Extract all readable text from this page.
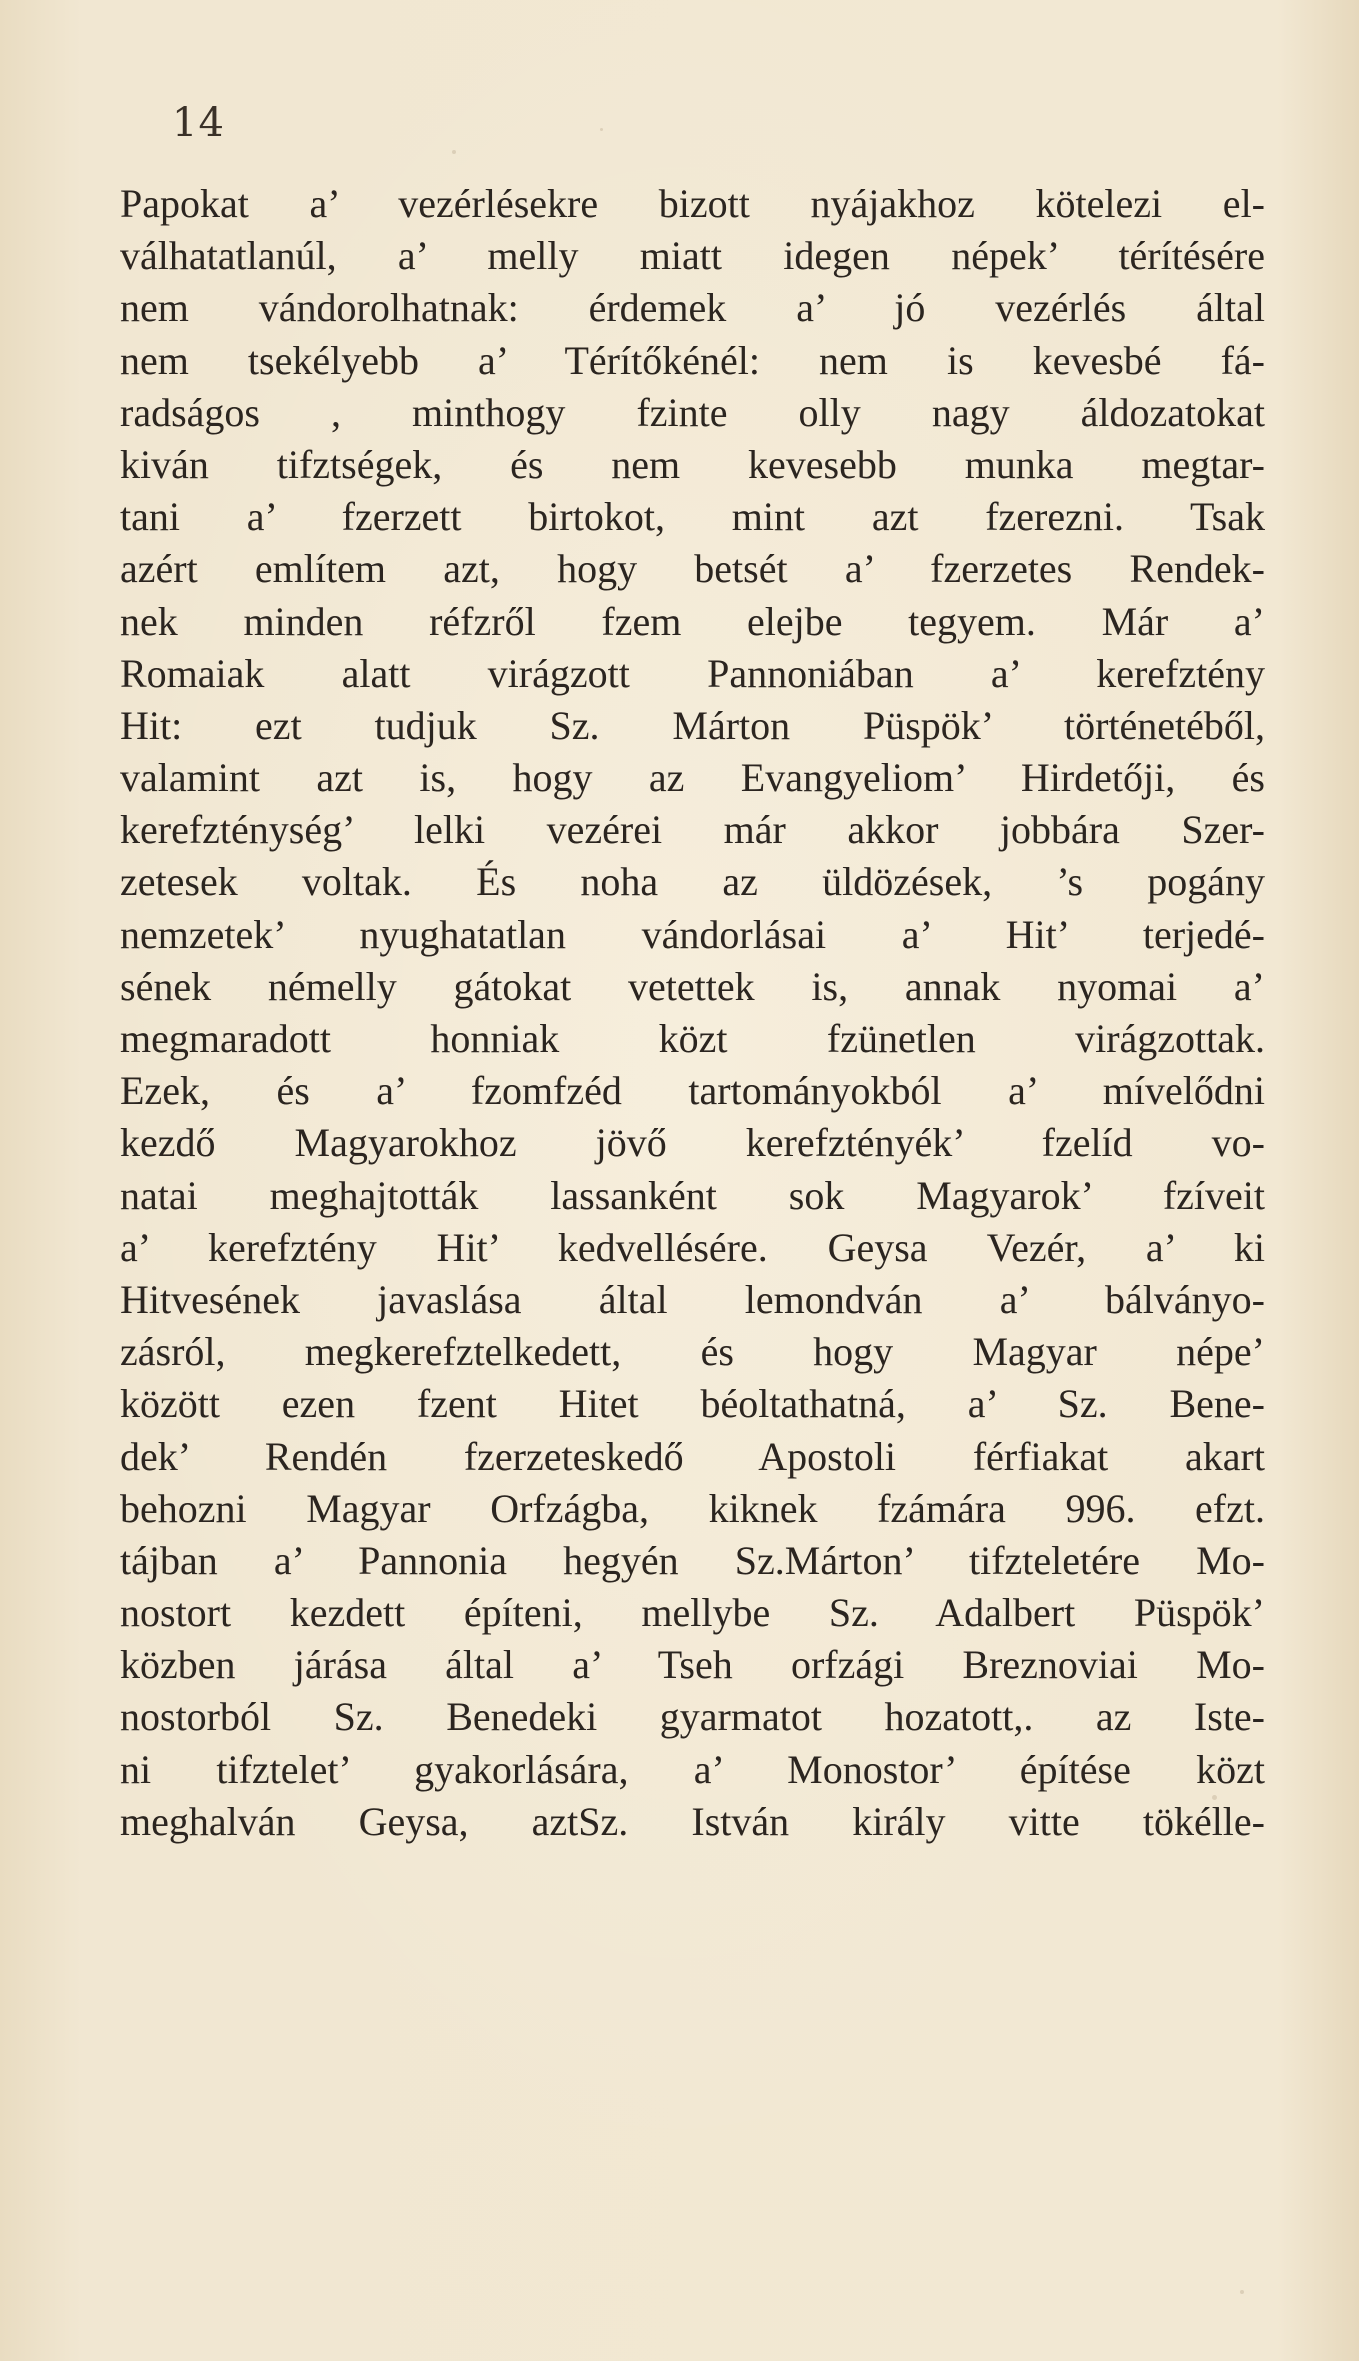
14
Papokat a’ vezérlésekre bizott nyájakhoz kötelezi el-
válhatatlanúl, a’ melly miatt idegen népek’ térítésére
nem vándorolhatnak: érdemek a’ jó vezérlés által
nem tsekélyebb a’ Térítőkénél: nem is kevesbé fá-
radságos , minthogy fzinte olly nagy áldozatokat
kiván tifztségek, és nem kevesebb munka megtar-
tani a’ fzerzett birtokot, mint azt fzerezni. Tsak
azért említem azt, hogy betsét a’ fzerzetes Rendek-
nek minden réfzről fzem elejbe tegyem. Már a’
Romaiak alatt virágzott Pannoniában a’ kerefztény
Hit: ezt tudjuk Sz. Márton Püspök’ történetéből,
valamint azt is, hogy az Evangyeliom’ Hirdetőji, és
kerefzténység’ lelki vezérei már akkor jobbára Szer-
zetesek voltak. És noha az üldözések, ’s pogány
nemzetek’ nyughatatlan vándorlásai a’ Hit’ terjedé-
sének némelly gátokat vetettek is, annak nyomai a’
megmaradott honniak közt fzünetlen virágzottak.
Ezek, és a’ fzomfzéd tartományokból a’ mívelődni
kezdő Magyarokhoz jövő kerefztényék’ fzelíd vo-
natai meghajtották lassanként sok Magyarok’ fzíveit
a’ kerefztény Hit’ kedvellésére. Geysa Vezér, a’ ki
Hitvesének javaslása által lemondván a’ bálványo-
zásról, megkerefztelkedett, és hogy Magyar népe’
között ezen fzent Hitet béoltathatná, a’ Sz. Bene-
dek’ Rendén fzerzeteskedő Apostoli férfiakat akart
behozni Magyar Orfzágba, kiknek fzámára 996. efzt.
tájban a’ Pannonia hegyén Sz.Márton’ tifzteletére Mo-
nostort kezdett építeni, mellybe Sz. Adalbert Püspök’
közben járása által a’ Tseh orfzági Breznoviai Mo-
nostorból Sz. Benedeki gyarmatot hozatott,. az Iste-
ni tifztelet’ gyakorlására, a’ Monostor’ építése közt
meghalván Geysa, aztSz. István király vitte tökélle-
